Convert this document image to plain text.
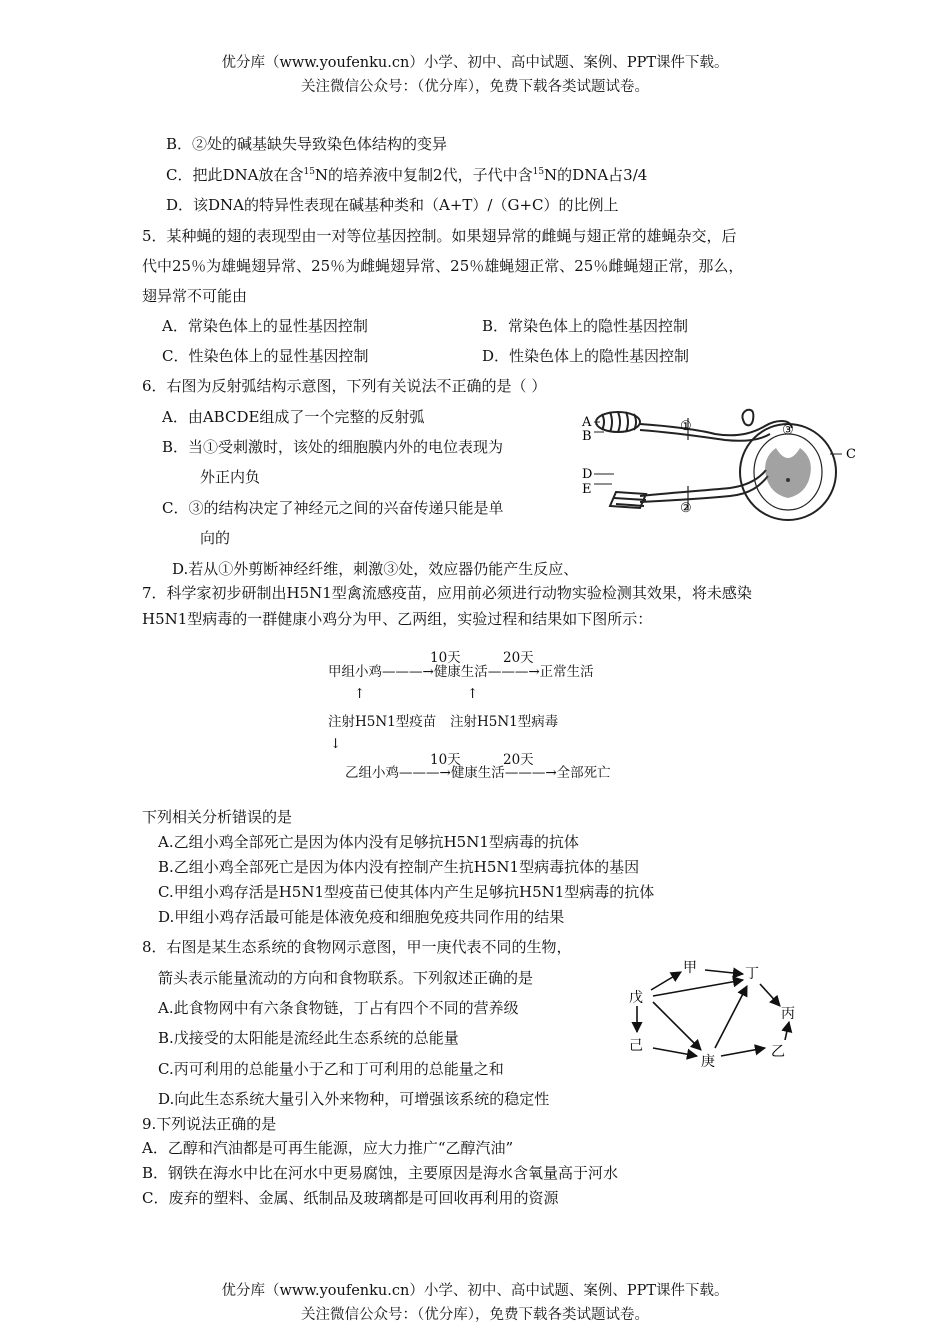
优分库（www.youfenku.cn）小学、初中、高中试题、案例、PPT课件下载。
关注微信公众号：（优分库），免费下载各类试题试卷。
B．②处的碱基缺失导致染色体结构的变异
C．把此DNA放在含$^{15}$N的培养液中复制2代，子代中含$^{15}$N的DNA占3/4
D．该DNA的特异性表现在碱基种类和（A+T）/（G+C）的比例上
5．某种蝇的翅的表现型由一对等位基因控制。如果翅异常的雌蝇与翅正常的雄蝇杂交，后
代中25％为雄蝇翅异常、25％为雌蝇翅异常、25％雄蝇翅正常、25％雌蝇翅正常，那么，
翅异常不可能由
A．常染色体上的显性基因控制	B．常染色体上的隐性基因控制
C．性染色体上的显性基因控制	D．性染色体上的隐性基因控制
6．右图为反射弧结构示意图，下列有关说法不正确的是（ ）
A．由ABCDE组成了一个完整的反射弧
B．当①受刺激时，该处的细胞膜内外的电位表现为
外正内负
C．③的结构决定了神经元之间的兴奋传递只能是单
向的
D.若从①外剪断神经纤维，刺激③处，效应器仍能产生反应、
A
B
C
D
E
①
②
③
7．科学家初步研制出H5N1型禽流感疫苗，应用前必须进行动物实验检测其效果，将未感染
H5N1型病毒的一群健康小鸡分为甲、乙两组，实验过程和结果如下图所示：
10天	20天
甲组小鸡———→健康生活———→正常生活
↑	↑
注射H5N1型疫苗 注射H5N1型病毒
↓
10天	20天
乙组小鸡———→健康生活———→全部死亡
下列相关分析错误的是
A.乙组小鸡全部死亡是因为体内没有足够抗H5N1型病毒的抗体
B.乙组小鸡全部死亡是因为体内没有控制产生抗H5N1型病毒抗体的基因
C.甲组小鸡存活是H5N1型疫苗已使其体内产生足够抗H5N1型病毒的抗体
D.甲组小鸡存活最可能是体液免疫和细胞免疫共同作用的结果
8．右图是某生态系统的食物网示意图，甲一庚代表不同的生物，
箭头表示能量流动的方向和食物联系。下列叙述正确的是
A.此食物网中有六条食物链，丁占有四个不同的营养级
B.戊接受的太阳能是流经此生态系统的总能量
C.丙可利用的总能量小于乙和丁可利用的总能量之和
D.向此生态系统大量引入外来物种，可增强该系统的稳定性
甲	丁
戊
丙
己
庚
乙
9.下列说法正确的是
A．乙醇和汽油都是可再生能源，应大力推广“乙醇汽油”
B．钢铁在海水中比在河水中更易腐蚀，主要原因是海水含氧量高于河水
C．废弃的塑料、金属、纸制品及玻璃都是可回收再利用的资源
优分库（www.youfenku.cn）小学、初中、高中试题、案例、PPT课件下载。
关注微信公众号：（优分库），免费下载各类试题试卷。
